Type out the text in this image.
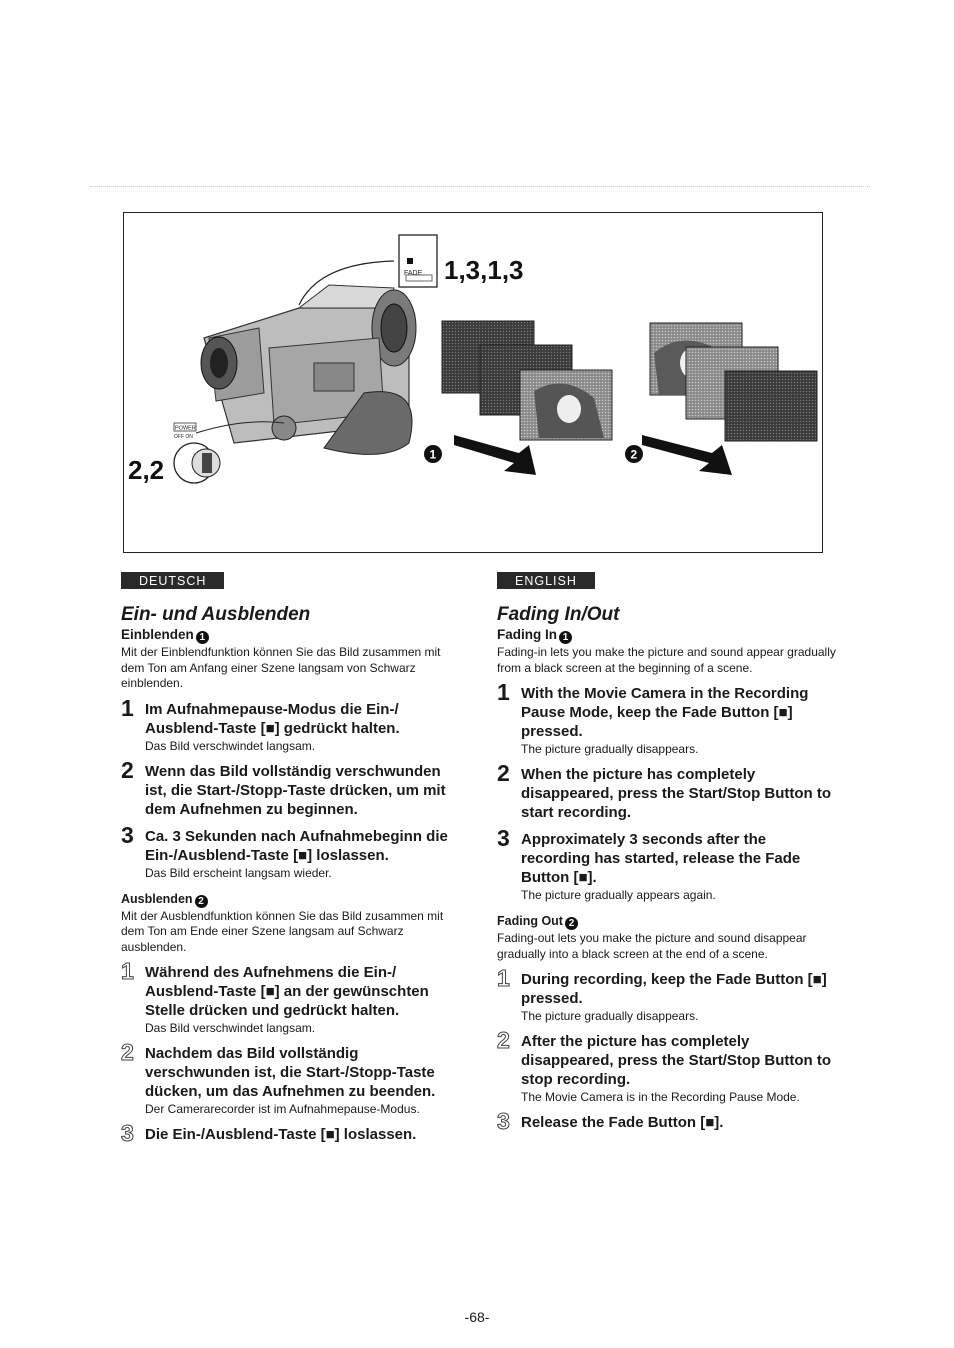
FADE 1,3,1,3
POWER
OFF ON
2,2
1	2
DEUTSCH
Ein- und Ausblenden
Einblenden 1
Mit der Einblendfunktion können Sie das Bild zusammen mit dem Ton am Anfang einer Szene langsam von Schwarz einblenden.
1 Im Aufnahmepause-Modus die Ein-/ Ausblend-Taste [■] gedrückt halten.
Das Bild verschwindet langsam.
2 Wenn das Bild vollständig verschwunden ist, die Start-/Stopp-Taste drücken, um mit dem Aufnehmen zu beginnen.
3 Ca. 3 Sekunden nach Aufnahmebeginn die Ein-/Ausblend-Taste [■] loslassen.
Das Bild erscheint langsam wieder.
Ausblenden 2
Mit der Ausblendfunktion können Sie das Bild zusammen mit dem Ton am Ende einer Szene langsam auf Schwarz ausblenden.
1 Während des Aufnehmens die Ein-/ Ausblend-Taste [■] an der gewünschten Stelle drücken und gedrückt halten.
Das Bild verschwindet langsam.
2 Nachdem das Bild vollständig verschwunden ist, die Start-/Stopp-Taste dücken, um das Aufnehmen zu beenden.
Der Camerarecorder ist im Aufnahmepause-Modus.
3 Die Ein-/Ausblend-Taste [■] loslassen.
ENGLISH
Fading In/Out
Fading In 1
Fading-in lets you make the picture and sound appear gradually from a black screen at the beginning of a scene.
1 With the Movie Camera in the Recording Pause Mode, keep the Fade Button [■] pressed.
The picture gradually disappears.
2 When the picture has completely disappeared, press the Start/Stop Button to start recording.
3 Approximately 3 seconds after the recording has started, release the Fade Button [■].
The picture gradually appears again.
Fading Out 2
Fading-out lets you make the picture and sound disappear gradually into a black screen at the end of a scene.
1 During recording, keep the Fade Button [■] pressed.
The picture gradually disappears.
2 After the picture has completely disappeared, press the Start/Stop Button to stop recording.
The Movie Camera is in the Recording Pause Mode.
3 Release the Fade Button [■].
-68-
